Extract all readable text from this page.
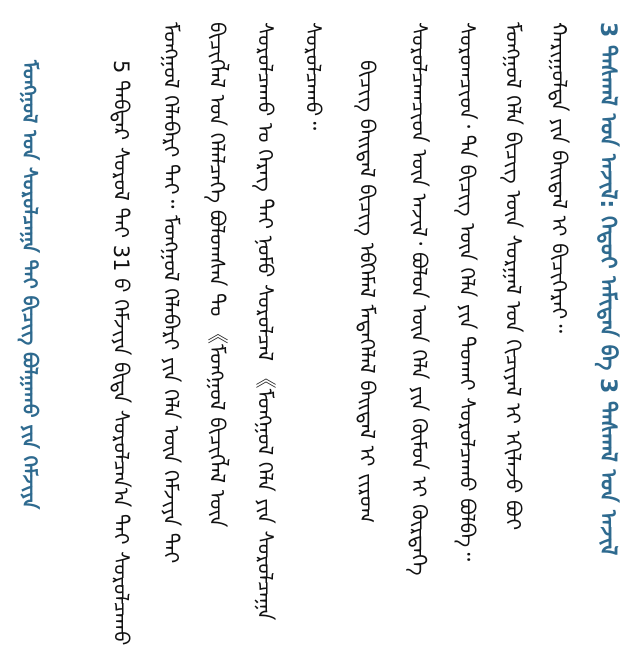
3 ᠳᠠᠰᠭᠠᠯ ᠤᠨ ᠠᠵᠢᠯ: ᠬᠡᠳᠦᠢ ᠠᠮᠢᠲᠠᠨ ᠪᠠ 3 ᠳᠠᠰᠭᠠᠯ ᠤᠨ ᠠᠵᠢᠯ
ᠬᠠᠷᠢᠭᠤᠯᠲᠠ ᠶᠢᠨ ᠪᠠᠢᠳᠠᠯ ᠢ ᠪᠢᠴᠢᠭᠡᠷᠡᠢ᠃
ᠮᠣᠩᠭᠣᠯ ᠬᠡᠯᠡ ᠪᠢᠴᠢᠭ ᠦᠨ ᠰᠤᠷᠭᠠᠯ ᠤᠨ ᠬᠢᠴᠢᠶᠡᠯ ᠢ ᠡᠬᠢᠯᠡᠵᠦ ᠪᠣᠢ
ᠰᠤᠷᠤᠭᠴᠢᠳ᠂ ᠲᠠ ᠪᠢᠴᠢᠭ ᠦᠨ ᠬᠡᠯᠡ ᠶᠢᠨ ᠲᠤᠬᠠᠢ ᠰᠤᠷᠤᠯᠴᠠᠬᠤ ᠪᠣᠯᠪᠠ᠃
ᠰᠤᠷᠤᠯᠴᠠᠭᠴᠢᠳ ᠦᠨ ᠠᠵᠢᠯ᠂ ᠪᠣᠯᠤᠨ ᠦᠨ ᠬᠡᠯᠡ ᠶᠢᠨ ᠬᠦᠮᠦᠨ ᠢ ᠬᠦᠷᠲᠡᠭᠡ
ᠪᠢᠴᠢᠭ ᠪᠠᠢᠳᠠᠯ ᠪᠢᠴᠢᠭ ᠡᠪᠬᠡᠮᠡᠯ ᠮᠡᠳᠡᠭᠡᠯᠡᠯ ᠪᠠᠢᠳᠠᠯ ᠢ ᠵᠢᠷᠤᠭ
ᠰᠤᠷᠤᠯᠴᠠᠬᠤ᠃
ᠰᠤᠷᠤᠯᠴᠠᠬᠤ ᠤ ᠬᠡᠷᠡᠭ ᠲᠡᠢ ᠨᠣᠮᠤ ᠰᠤᠷᠤᠯᠴᠠᠯ 《ᠮᠣᠩᠭᠣᠯ ᠬᠡᠯᠡ ᠶᠢᠨ ᠰᠤᠷᠤᠯᠴᠠᠭᠠ
ᠪᠢᠴᠢᠭᠯᠡᠯ ᠤᠨ ᠬᠡᠯᠡᠯᠴᠡᠭᠡ ᠪᠣᠯᠤᠭᠰᠠᠨ ᠲᠤ 《ᠮᠣᠩᠭᠣᠯ ᠪᠢᠴᠢᠭᠯᠡᠯ ᠦᠨ
ᠮᠣᠩᠭᠣᠯ ᠬᠡᠯᠡᠪᠡᠷᠢ ᠲᠡᠢ᠃ ᠮᠣᠩᠭᠣᠯ ᠬᠡᠯᠡᠪᠡᠷᠢ ᠶᠢᠨ ᠬᠡᠯᠡ ᠦᠨ ᠬᠡᠮᠵᠢᠶᠡ ᠲᠡᠢ
5 ᠳᠡᠪᠲᠡᠷ ᠰᠤᠷᠤᠯ ᠲᠡᠢ 31 ᠪ ᠬᠡᠮᠵᠢᠶᠡ ᠪᠢᠳᠡ ᠰᠤᠷᠤᠯᠴᠠᠨ᠎ᠠ ᠲᠡᠢ ᠰᠤᠷᠤᠯᠴᠠᠬᠤ
ᠮᠣᠩᠭᠣᠯ ᠤᠨ ᠰᠤᠷᠤᠯᠴᠠᠭᠠ ᠲᠡᠢ ᠪᠢᠴᠢᠭ ᠪᠣᠯᠭᠠᠬᠤ ᠶᠢᠨ ᠬᠡᠮᠵᠢᠶᠡ
